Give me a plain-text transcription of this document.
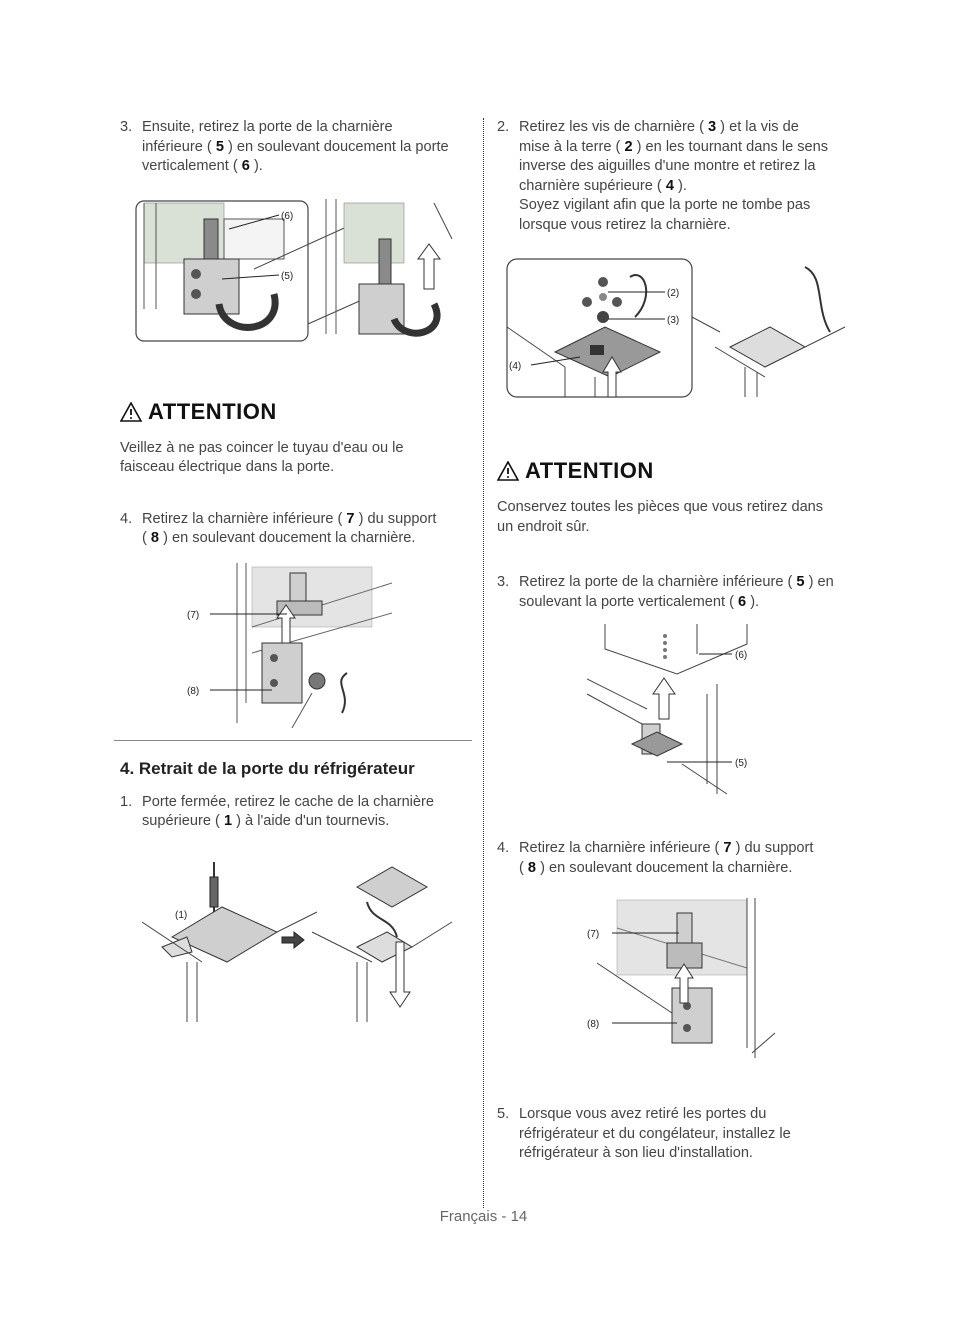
3. Ensuite, retirez la porte de la charnière
inférieure ( 5 ) en soulevant doucement la porte
verticalement ( 6 ).
(6)
(5)
ATTENTION
Veillez à ne pas coincer le tuyau d'eau ou le
faisceau électrique dans la porte.
4. Retirez la charnière inférieure ( 7 ) du support
( 8 ) en soulevant doucement la charnière.
(7)
(8)
4. Retrait de la porte du réfrigérateur
1. Porte fermée, retirez le cache de la charnière
supérieure ( 1 ) à l'aide d'un tournevis.
(1)
2. Retirez les vis de charnière ( 3 ) et la vis de
mise à la terre ( 2 ) en les tournant dans le sens
inverse des aiguilles d'une montre et retirez la
charnière supérieure ( 4 ).
Soyez vigilant afin que la porte ne tombe pas
lorsque vous retirez la charnière.
(2)
(3)
(4)
ATTENTION
Conservez toutes les pièces que vous retirez dans
un endroit sûr.
3. Retirez la porte de la charnière inférieure ( 5 ) en
soulevant la porte verticalement ( 6 ).
(6)
(5)
4. Retirez la charnière inférieure ( 7 ) du support
( 8 ) en soulevant doucement la charnière.
(7)
(8)
5. Lorsque vous avez retiré les portes du
réfrigérateur et du congélateur, installez le
réfrigérateur à son lieu d'installation.
Français - 14
